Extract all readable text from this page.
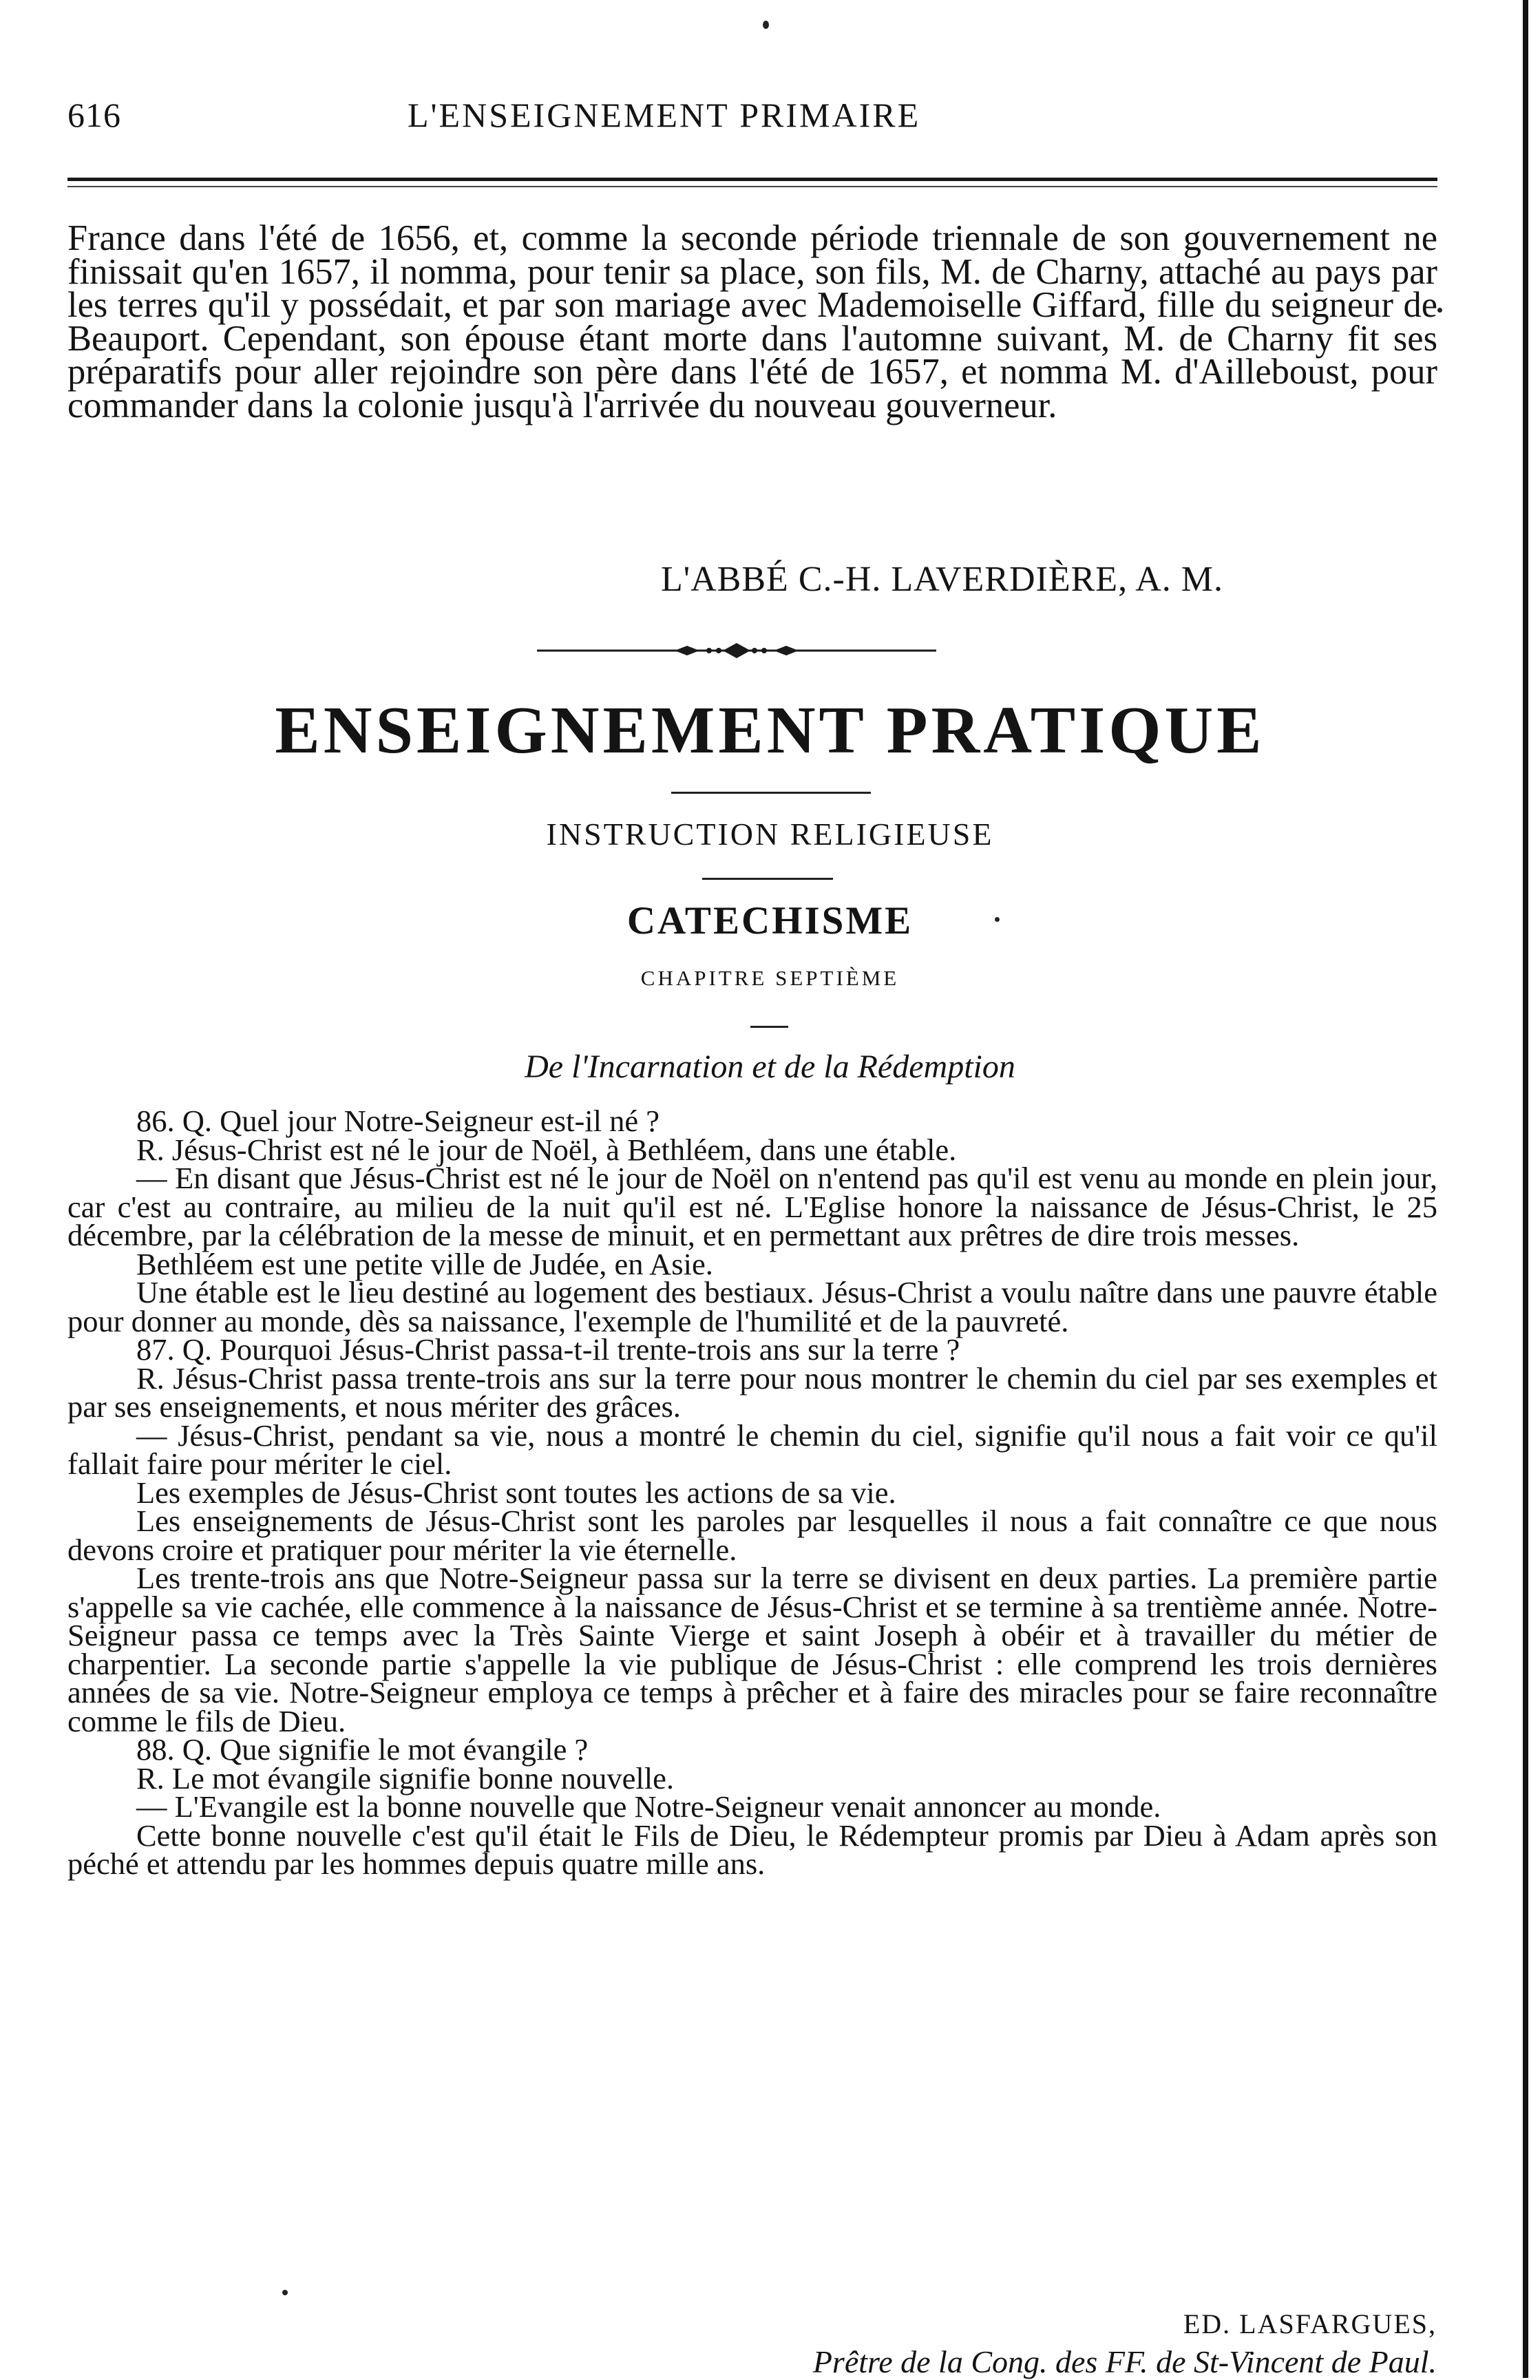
616	L'ENSEIGNEMENT PRIMAIRE

France dans l'été de 1656, et, comme la seconde période triennale de son gouvernement ne finissait qu'en 1657, il nomma, pour tenir sa place, son fils, M. de Charny, attaché au pays par les terres qu'il y possédait, et par son mariage avec Mademoiselle Giffard, fille du seigneur de Beauport. Cependant, son épouse étant morte dans l'automne suivant, M. de Charny fit ses préparatifs pour aller rejoindre son père dans l'été de 1657, et nomma M. d'Ailleboust, pour commander dans la colonie jusqu'à l'arrivée du nouveau gouverneur.

L'ABBÉ C.-H. LAVERDIÈRE, A. M.
ENSEIGNEMENT PRATIQUE
INSTRUCTION RELIGIEUSE
CATECHISME
CHAPITRE SEPTIÈME
De l'Incarnation et de la Rédemption

86. Q. Quel jour Notre-Seigneur est-il né ?

R. Jésus-Christ est né le jour de Noël, à Bethléem, dans une étable.

— En disant que Jésus-Christ est né le jour de Noël on n'entend pas qu'il est venu au monde en plein jour, car c'est au contraire, au milieu de la nuit qu'il est né. L'Eglise honore la naissance de Jésus-Christ, le 25 décembre, par la célébration de la messe de minuit, et en permettant aux prêtres de dire trois messes.

Bethléem est une petite ville de Judée, en Asie.

Une étable est le lieu destiné au logement des bestiaux. Jésus-Christ a voulu naître dans une pauvre étable pour donner au monde, dès sa naissance, l'exemple de l'humilité et de la pauvreté.

87. Q. Pourquoi Jésus-Christ passa-t-il trente-trois ans sur la terre ?

R. Jésus-Christ passa trente-trois ans sur la terre pour nous montrer le chemin du ciel par ses exemples et par ses enseignements, et nous mériter des grâces.

— Jésus-Christ, pendant sa vie, nous a montré le chemin du ciel, signifie qu'il nous a fait voir ce qu'il fallait faire pour mériter le ciel.

Les exemples de Jésus-Christ sont toutes les actions de sa vie.

Les enseignements de Jésus-Christ sont les paroles par lesquelles il nous a fait connaître ce que nous devons croire et pratiquer pour mériter la vie éternelle.

Les trente-trois ans que Notre-Seigneur passa sur la terre se divisent en deux parties. La première partie s'appelle sa vie cachée, elle commence à la naissance de Jésus-Christ et se termine à sa trentième année. Notre-Seigneur passa ce temps avec la Très Sainte Vierge et saint Joseph à obéir et à travailler du métier de charpentier. La seconde partie s'appelle la vie publique de Jésus-Christ : elle comprend les trois dernières années de sa vie. Notre-Seigneur employa ce temps à prêcher et à faire des miracles pour se faire reconnaître comme le fils de Dieu.

88. Q. Que signifie le mot évangile ?

R. Le mot évangile signifie bonne nouvelle.

— L'Evangile est la bonne nouvelle que Notre-Seigneur venait annoncer au monde.

Cette bonne nouvelle c'est qu'il était le Fils de Dieu, le Rédempteur promis par Dieu à Adam après son péché et attendu par les hommes depuis quatre mille ans.

ED. LASFARGUES,
Prêtre de la Cong. des FF. de St-Vincent de Paul.
